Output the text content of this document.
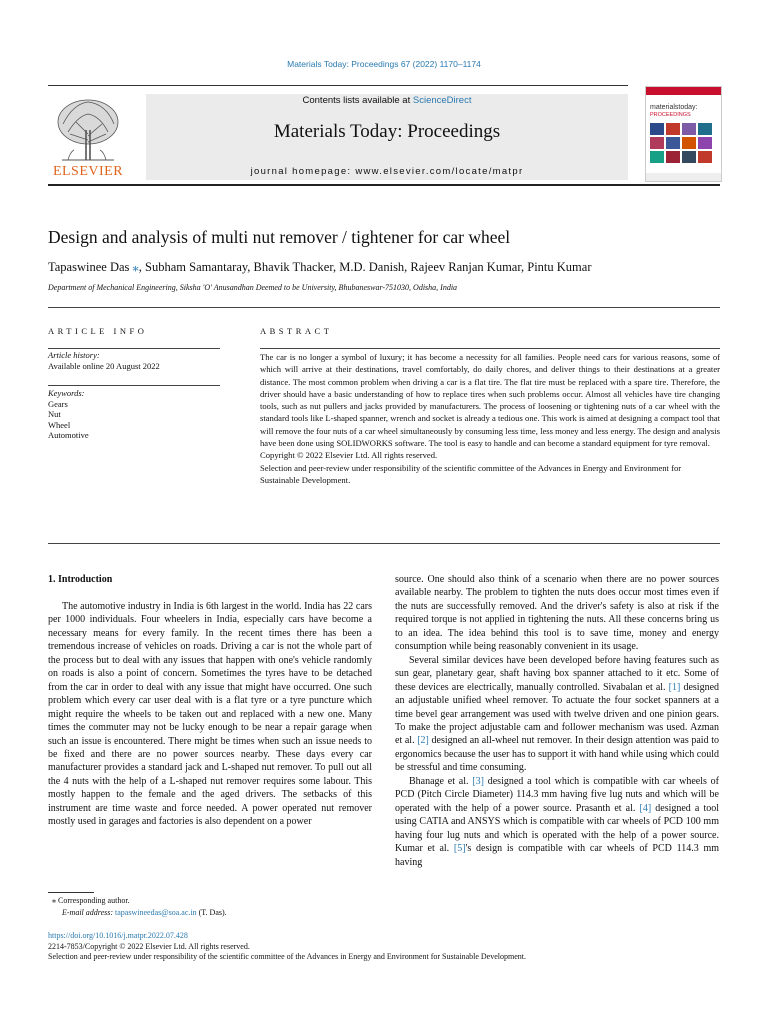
Materials Today: Proceedings 67 (2022) 1170–1174
Contents lists available at ScienceDirect
Materials Today: Proceedings
journal homepage: www.elsevier.com/locate/matpr
ELSEVIER
materialstoday:
PROCEEDINGS
Design and analysis of multi nut remover / tightener for car wheel
Tapaswinee Das ⁎, Subham Samantaray, Bhavik Thacker, M.D. Danish, Rajeev Ranjan Kumar, Pintu Kumar
Department of Mechanical Engineering, Siksha 'O' Anusandhan Deemed to be University, Bhubaneswar-751030, Odisha, India
ARTICLE INFO
Article history:
Available online 20 August 2022
Keywords:
Gears
Nut
Wheel
Automotive
ABSTRACT
The car is no longer a symbol of luxury; it has become a necessity for all families. People need cars for various reasons, some of which will arrive at their destinations, travel comfortably, do daily chores, and deliver things to their destinations at a greater distance. The most common problem when driving a car is a flat tire. The flat tire must be replaced with a spare tire. Therefore, the driver should have a basic understanding of how to replace tires when such problems occur. Almost all vehicles have tire changing tools, such as nut pullers and jacks provided by manufacturers. The process of loosening or tightening nuts of a car wheel with the standard tools like L-shaped spanner, wrench and socket is already a tedious one. This work is aimed at designing a compact tool that will remove the four nuts of a car wheel simultaneously by consuming less time, less money and less energy. The design and analysis have been done using SOLIDWORKS software. The tool is easy to handle and can become a standard equipment for tyre removal.
Copyright © 2022 Elsevier Ltd. All rights reserved.
Selection and peer-review under responsibility of the scientific committee of the Advances in Energy and Environment for Sustainable Development.
1. Introduction

The automotive industry in India is 6th largest in the world. India has 22 cars per 1000 individuals. Four wheelers in India, especially cars have become a necessary means for every family. In the recent times there has been a tremendous increase of vehicles on roads. Driving a car is not the whole part of the process but to deal with any issues that happen with one's vehicle randomly on roads is also a point of concern. Sometimes the tyres have to be detached from the car in order to deal with any issue that might have occurred. One such problem which every car user deal with is a flat tyre or a tyre puncture which might require the wheels to be taken out and replaced with a new one. Many times the commuter may not be lucky enough to be near a repair garage when such an issue is encountered. There might be times when such an issue needs to be fixed and there are no power sources nearby. These days every car manufacturer provides a standard jack and L-shaped nut remover. To pull out all the 4 nuts with the help of a L-shaped nut remover requires some labour. This mostly happen to the female and the aged drivers. The setbacks of this instrument are time waste and force needed. A power operated nut remover mostly used in garages and factories is also dependent on a power

source. One should also think of a scenario when there are no power sources available nearby. The problem to tighten the nuts does occur most times even if the nuts are successfully removed. And the driver's safety is also at risk if the required torque is not applied in tightening the nuts. All these concerns bring us to an idea. The idea behind this tool is to save time, money and energy consumption while being reasonably convenient in its usage.

Several similar devices have been developed before having features such as sun gear, planetary gear, shaft having box spanner attached to it etc. Some of these devices are electrically, manually controlled. Sivabalan et al. [1] designed an adjustable unified wheel remover. To actuate the four socket spanners at a time bevel gear arrangement was used with twelve driven and one pinion gears. To make the project adjustable cam and follower mechanism was used. Azman et al. [2] designed an all-wheel nut remover. In their design attention was paid to ergonomics because the user has to support it with hand while using which could be stressful and time consuming.

Bhanage et al. [3] designed a tool which is compatible with car wheels of PCD (Pitch Circle Diameter) 114.3 mm having five lug nuts and which will be operated with the help of a power source. Prasanth et al. [4] designed a tool using CATIA and ANSYS which is compatible with car wheels of PCD 100 mm having four lug nuts and which is operated with the help of a power source. Kumar et al. [5]'s design is compatible with car wheels of PCD 114.3 mm having

⁎ Corresponding author.
E-mail address: tapaswineedas@soa.ac.in (T. Das).
https://doi.org/10.1016/j.matpr.2022.07.428
2214-7853/Copyright © 2022 Elsevier Ltd. All rights reserved.
Selection and peer-review under responsibility of the scientific committee of the Advances in Energy and Environment for Sustainable Development.
